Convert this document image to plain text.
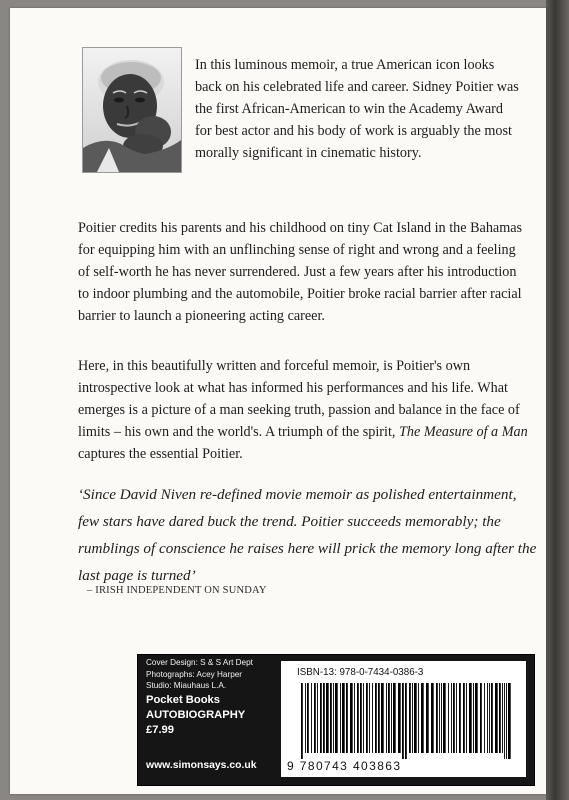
In this luminous memoir, a true American icon looks back on his celebrated life and career. Sidney Poitier was the first African-American to win the Academy Award for best actor and his body of work is arguably the most morally significant in cinematic history.

Poitier credits his parents and his childhood on tiny Cat Island in the Bahamas for equipping him with an unflinching sense of right and wrong and a feeling of self-worth he has never surrendered. Just a few years after his introduction to indoor plumbing and the automobile, Poitier broke racial barrier after racial barrier to launch a pioneering acting career.

Here, in this beautifully written and forceful memoir, is Poitier's own introspective look at what has informed his performances and his life. What emerges is a picture of a man seeking truth, passion and balance in the face of limits – his own and the world's. A triumph of the spirit, The Measure of a Man captures the essential Poitier.

‘Since David Niven re-defined movie memoir as polished entertainment, few stars have dared buck the trend. Poitier succeeds memorably; the rumblings of conscience he raises here will prick the memory long after the last page is turned’

– IRISH INDEPENDENT ON SUNDAY
Cover Design: S & S Art Dept
Photographs: Acey Harper
Studio: Miauhaus L.A.
Pocket Books
AUTOBIOGRAPHY
£7.99
www.simonsays.co.uk
ISBN-13: 978-0-7434-0386-3
9 780743 403863
